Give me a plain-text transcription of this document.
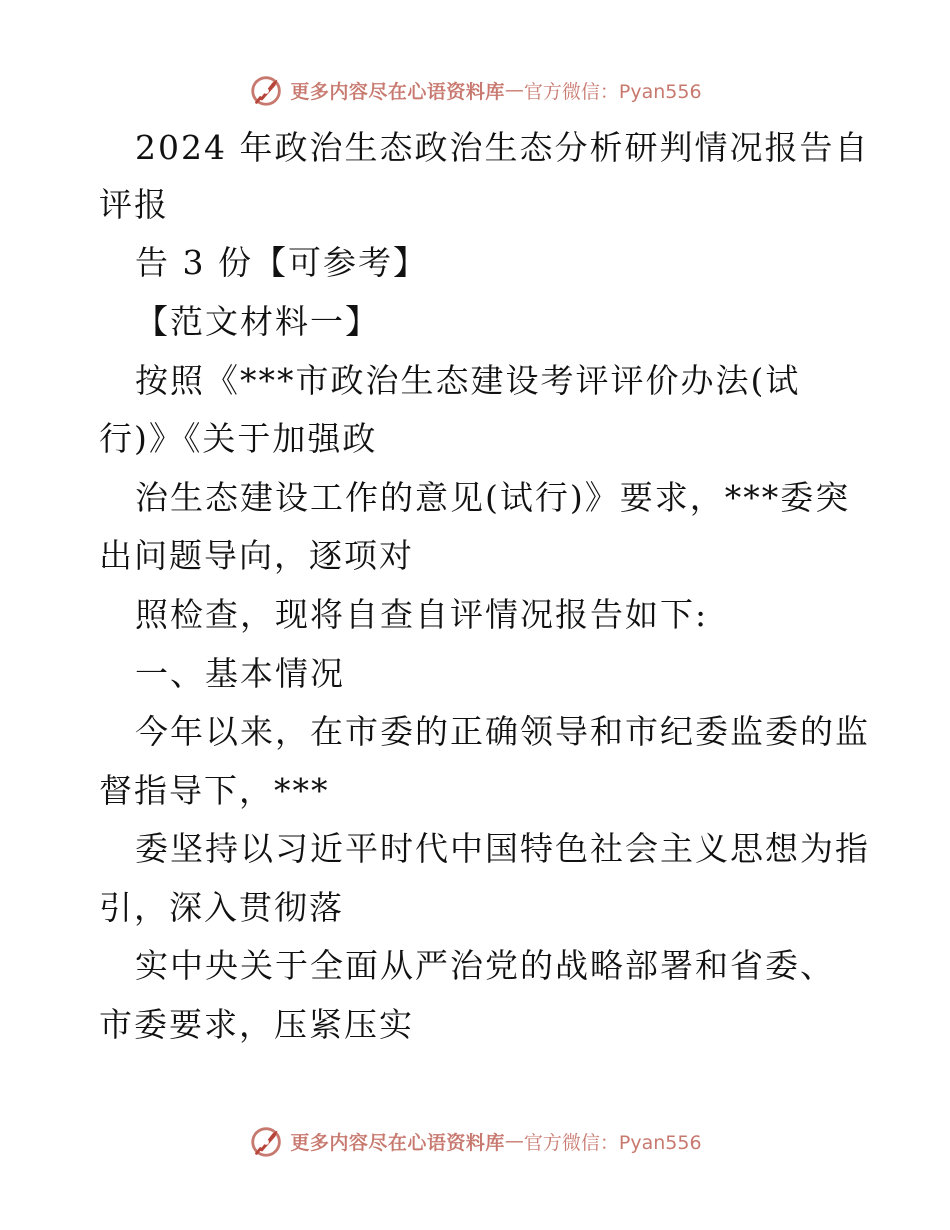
更多内容尽在心语资料库 — 官方微信：Pyan556
2024 年政治生态政治生态分析研判情况报告自
评报
告 3 份【可参考】
【范文材料一】
按照《***市政治生态建设考评评价办法(试
行)》《关于加强政
治生态建设工作的意见(试行)》要求，***委突
出问题导向，逐项对
照检查，现将自查自评情况报告如下:
一、基本情况
今年以来，在市委的正确领导和市纪委监委的监
督指导下，***
委坚持以习近平时代中国特色社会主义思想为指
引，深入贯彻落
实中央关于全面从严治党的战略部署和省委、
市委要求，压紧压实
更多内容尽在心语资料库 — 官方微信：Pyan556
